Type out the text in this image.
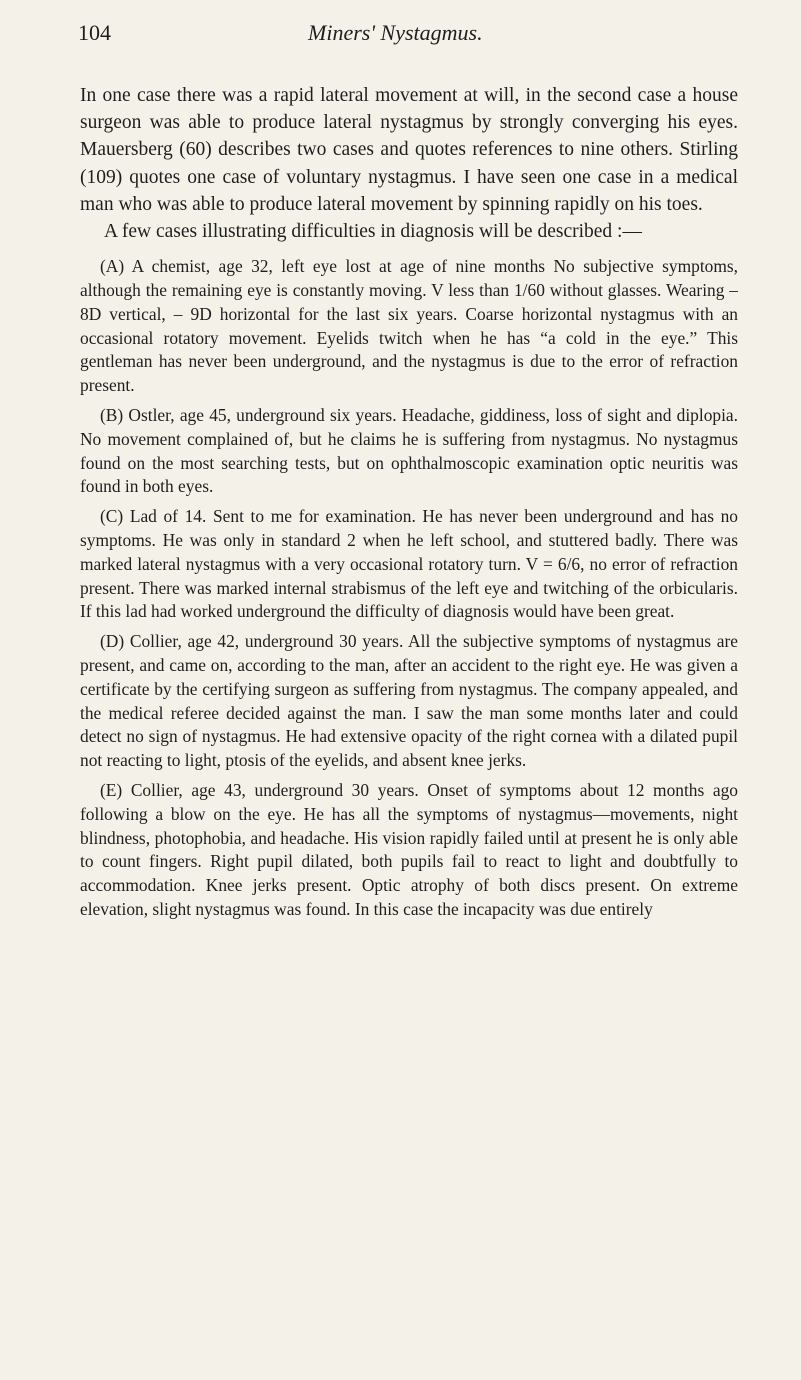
104	Miners' Nystagmus.

In one case there was a rapid lateral movement at will, in the second case a house surgeon was able to produce lateral nystagmus by strongly converging his eyes. Mauersberg (60) describes two cases and quotes references to nine others. Stirling (109) quotes one case of voluntary nystagmus. I have seen one case in a medical man who was able to produce lateral movement by spinning rapidly on his toes.

A few cases illustrating difficulties in diagnosis will be described :—

(A) A chemist, age 32, left eye lost at age of nine months No subjective symptoms, although the remaining eye is constantly moving. V less than 1/60 without glasses. Wearing – 8D vertical, – 9D horizontal for the last six years. Coarse horizontal nystagmus with an occasional rotatory movement. Eyelids twitch when he has “a cold in the eye.” This gentleman has never been underground, and the nystagmus is due to the error of refraction present.

(B) Ostler, age 45, underground six years. Headache, giddiness, loss of sight and diplopia. No movement complained of, but he claims he is suffering from nystagmus. No nystagmus found on the most searching tests, but on ophthalmoscopic examination optic neuritis was found in both eyes.

(C) Lad of 14. Sent to me for examination. He has never been underground and has no symptoms. He was only in standard 2 when he left school, and stuttered badly. There was marked lateral nystagmus with a very occasional rotatory turn. V = 6/6, no error of refraction present. There was marked internal strabismus of the left eye and twitching of the orbicularis. If this lad had worked underground the difficulty of diagnosis would have been great.

(D) Collier, age 42, underground 30 years. All the subjective symptoms of nystagmus are present, and came on, according to the man, after an accident to the right eye. He was given a certificate by the certifying surgeon as suffering from nystagmus. The company appealed, and the medical referee decided against the man. I saw the man some months later and could detect no sign of nystagmus. He had extensive opacity of the right cornea with a dilated pupil not reacting to light, ptosis of the eyelids, and absent knee jerks.

(E) Collier, age 43, underground 30 years. Onset of symptoms about 12 months ago following a blow on the eye. He has all the symptoms of nystagmus—movements, night blindness, photophobia, and headache. His vision rapidly failed until at present he is only able to count fingers. Right pupil dilated, both pupils fail to react to light and doubtfully to accommodation. Knee jerks present. Optic atrophy of both discs present. On extreme elevation, slight nystagmus was found. In this case the incapacity was due entirely
